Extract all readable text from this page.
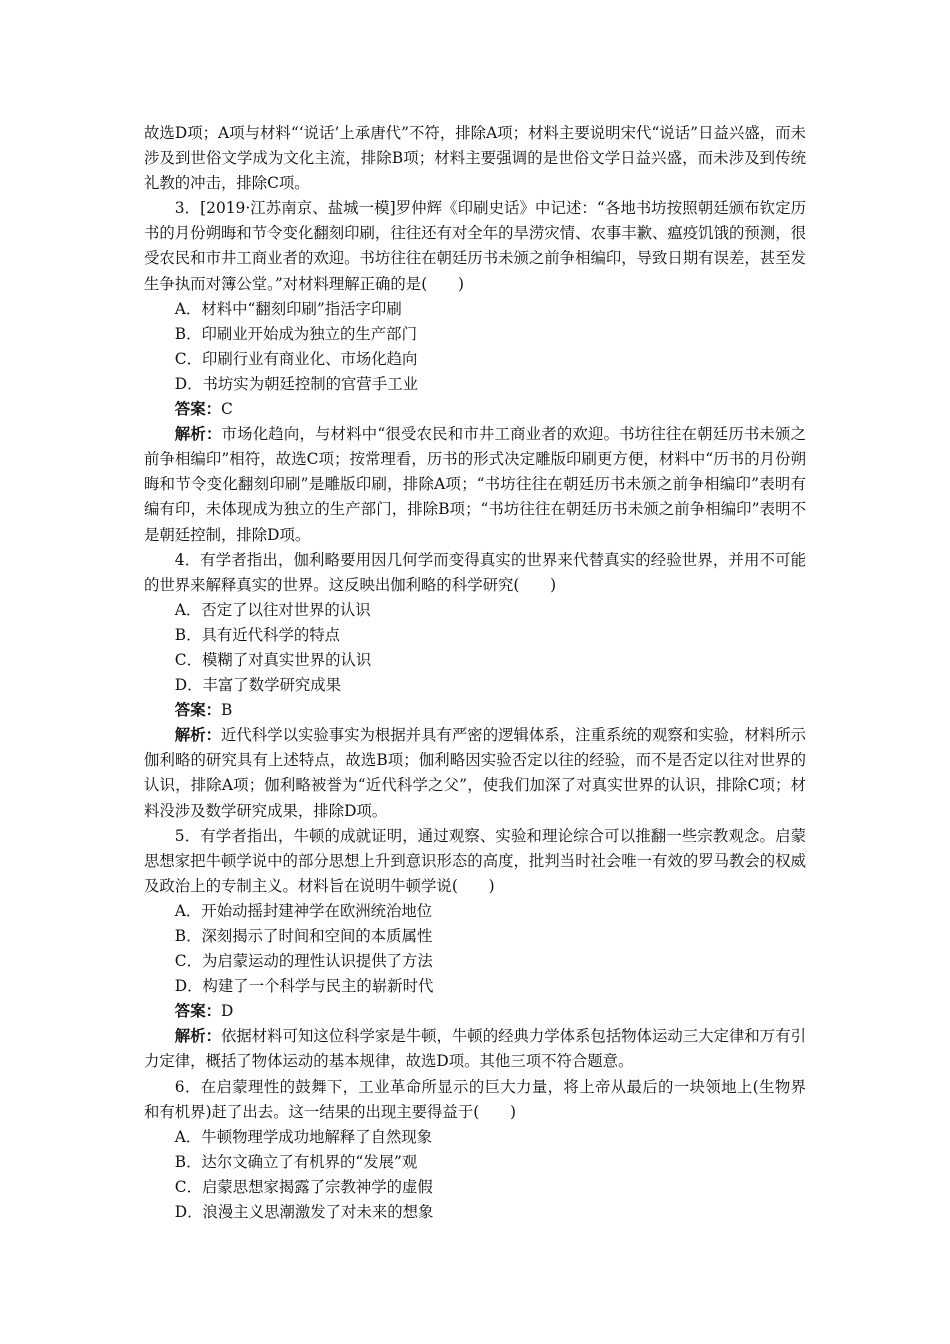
故选D项；A项与材料“‘说话’上承唐代”不符，排除A项；材料主要说明宋代“说话”日益兴盛，而未涉及到世俗文学成为文化主流，排除B项；材料主要强调的是世俗文学日益兴盛，而未涉及到传统礼教的冲击，排除C项。

3．[2019·江苏南京、盐城一模]罗仲辉《印刷史话》中记述：“各地书坊按照朝廷颁布钦定历书的月份朔晦和节令变化翻刻印刷，往往还有对全年的旱涝灾情、农事丰歉、瘟疫饥饿的预测，很受农民和市井工商业者的欢迎。书坊往往在朝廷历书未颁之前争相编印，导致日期有误差，甚至发生争执而对簿公堂。”对材料理解正确的是(　　)

A．材料中“翻刻印刷”指活字印刷

B．印刷业开始成为独立的生产部门

C．印刷行业有商业化、市场化趋向

D．书坊实为朝廷控制的官营手工业

答案：C

解析：市场化趋向，与材料中“很受农民和市井工商业者的欢迎。书坊往往在朝廷历书未颁之前争相编印”相符，故选C项；按常理看，历书的形式决定雕版印刷更方便，材料中“历书的月份朔晦和节令变化翻刻印刷”是雕版印刷，排除A项；“书坊往往在朝廷历书未颁之前争相编印”表明有编有印，未体现成为独立的生产部门，排除B项；“书坊往往在朝廷历书未颁之前争相编印”表明不是朝廷控制，排除D项。

4．有学者指出，伽利略要用因几何学而变得真实的世界来代替真实的经验世界，并用不可能的世界来解释真实的世界。这反映出伽利略的科学研究(　　)

A．否定了以往对世界的认识

B．具有近代科学的特点

C．模糊了对真实世界的认识

D．丰富了数学研究成果

答案：B

解析：近代科学以实验事实为根据并具有严密的逻辑体系，注重系统的观察和实验，材料所示伽利略的研究具有上述特点，故选B项；伽利略因实验否定以往的经验，而不是否定以往对世界的认识，排除A项；伽利略被誉为“近代科学之父”，使我们加深了对真实世界的认识，排除C项；材料没涉及数学研究成果，排除D项。

5．有学者指出，牛顿的成就证明，通过观察、实验和理论综合可以推翻一些宗教观念。启蒙思想家把牛顿学说中的部分思想上升到意识形态的高度，批判当时社会唯一有效的罗马教会的权威及政治上的专制主义。材料旨在说明牛顿学说(　　)

A．开始动摇封建神学在欧洲统治地位

B．深刻揭示了时间和空间的本质属性

C．为启蒙运动的理性认识提供了方法

D．构建了一个科学与民主的崭新时代

答案：D

解析：依据材料可知这位科学家是牛顿，牛顿的经典力学体系包括物体运动三大定律和万有引力定律，概括了物体运动的基本规律，故选D项。其他三项不符合题意。

6．在启蒙理性的鼓舞下，工业革命所显示的巨大力量，将上帝从最后的一块领地上(生物界和有机界)赶了出去。这一结果的出现主要得益于(　　)

A．牛顿物理学成功地解释了自然现象

B．达尔文确立了有机界的“发展”观

C．启蒙思想家揭露了宗教神学的虚假

D．浪漫主义思潮激发了对未来的想象
